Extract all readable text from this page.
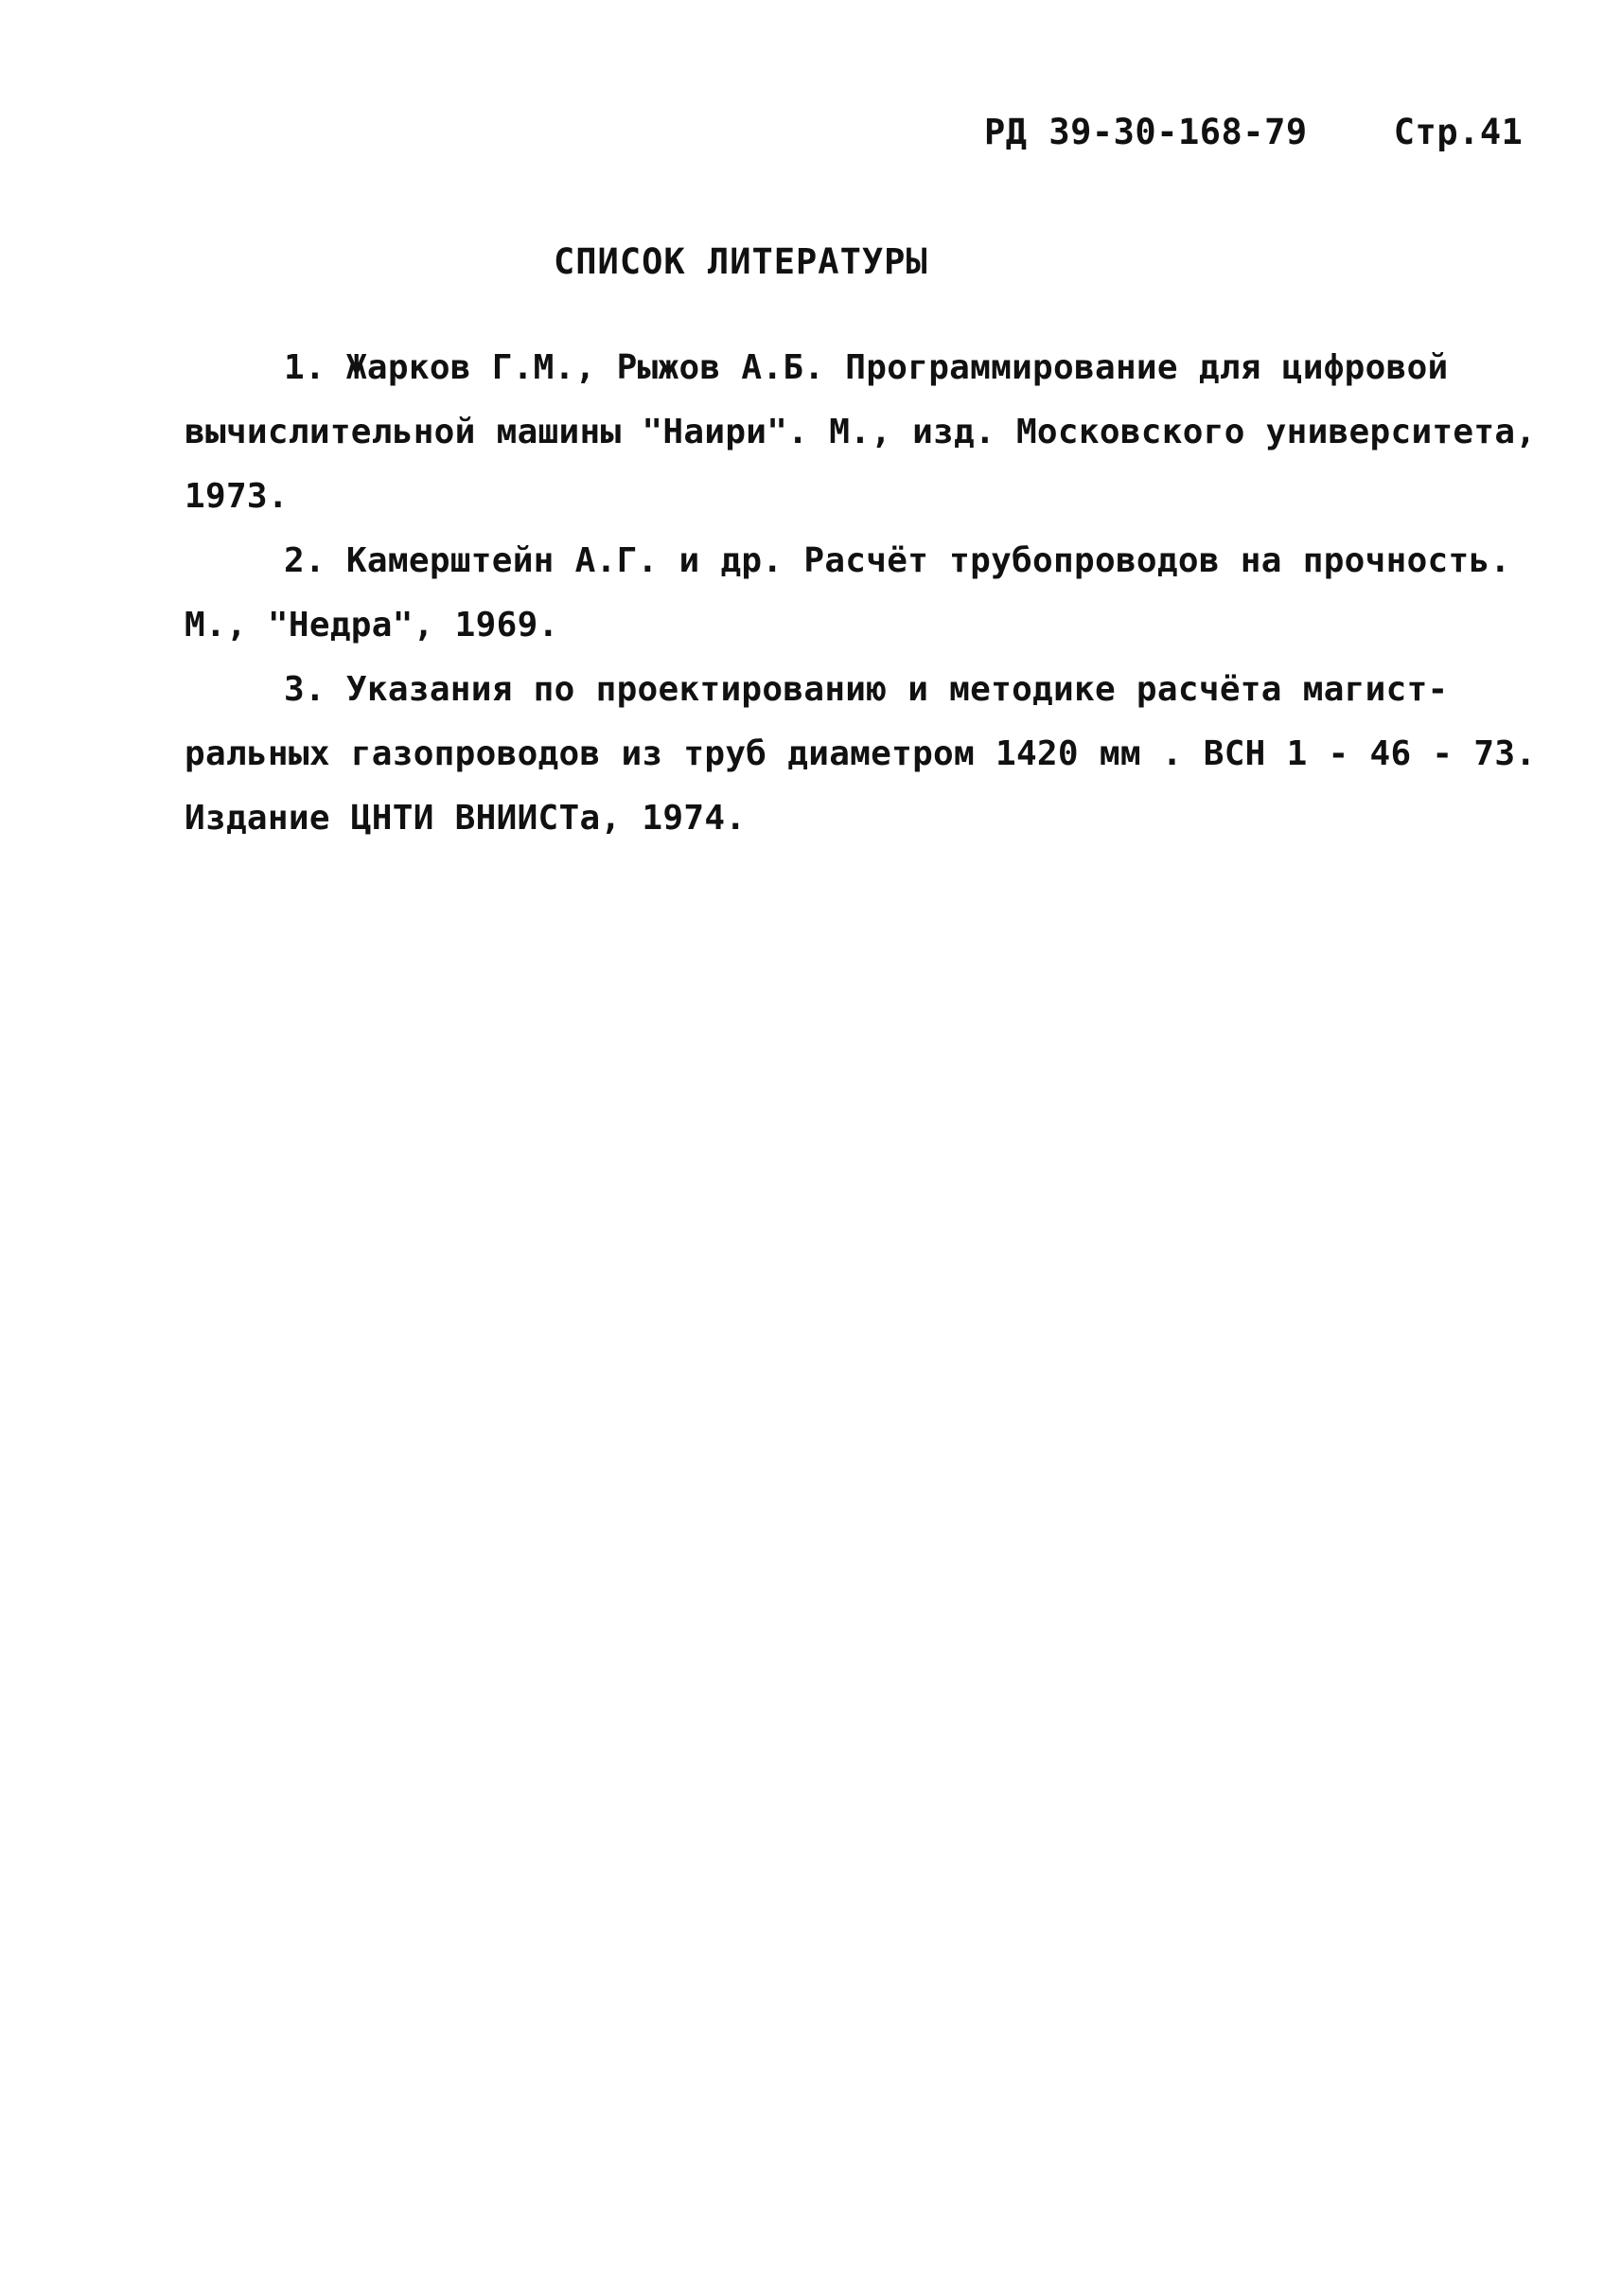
РД 39-30-168-79 Стр.41
СПИСОК ЛИТЕРАТУРЫ
1. Жарков Г.М., Рыжов А.Б. Программирование для цифровой
вычислительной машины "Наири". М., изд. Московского университета,
1973.
2. Камерштейн А.Г. и др. Расчёт трубопроводов на прочность.
М., "Недра", 1969.
3. Указания по проектированию и методике расчёта магист-
ральных газопроводов из труб диаметром 1420 мм . ВСН 1 - 46 - 73.
Издание ЦНТИ ВНИИСТа, 1974.
